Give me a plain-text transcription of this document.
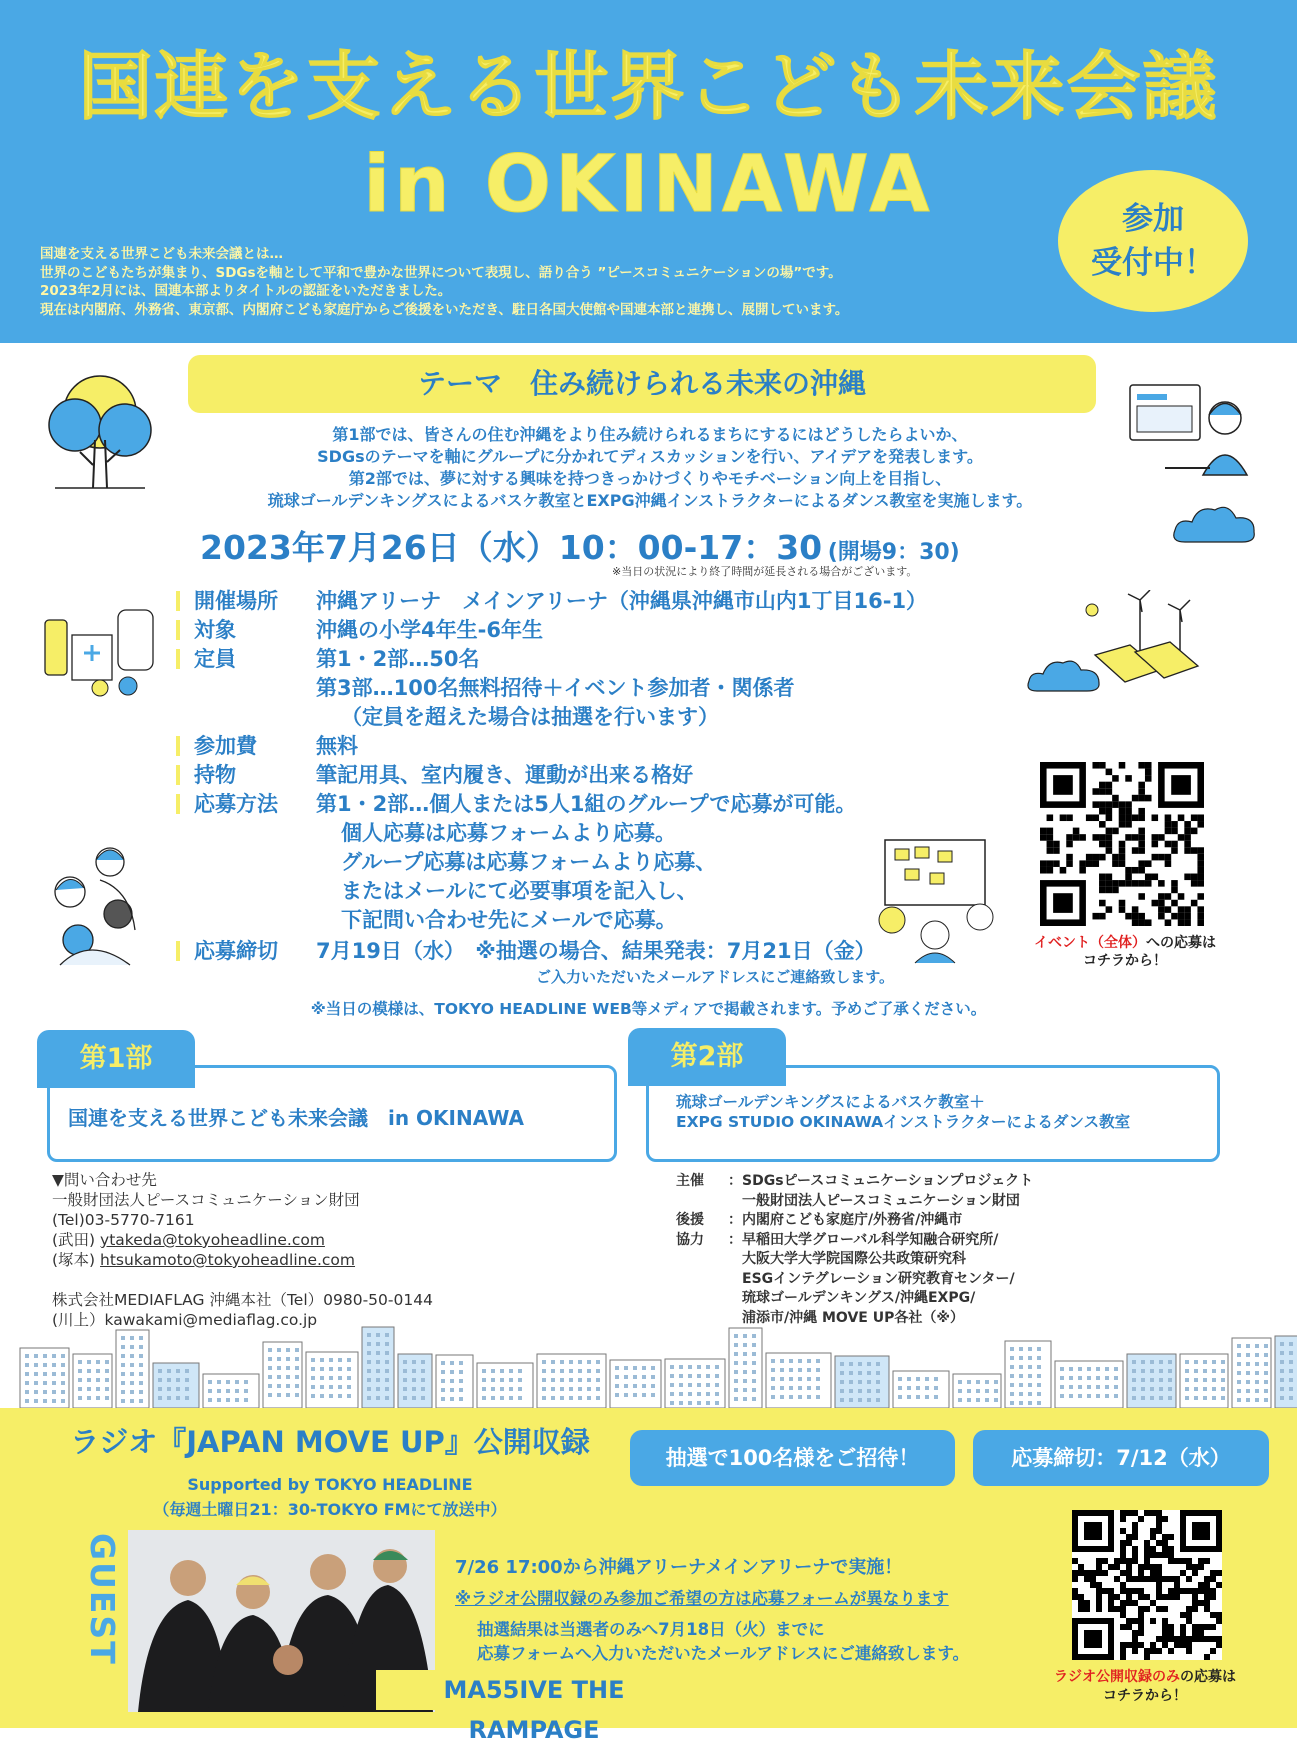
国連を支える世界こども未来会議
in OKINAWA	参加
受付中！
国連を支える世界こども未来会議とは…
世界のこどもたちが集まり、SDGsを軸として平和で豊かな世界について表現し、語り合う ”ピースコミュニケーションの場”です。
2023年2月には、国連本部よりタイトルの認証をいただきました。
現在は内閣府、外務省、東京都、内閣府こども家庭庁からご後援をいただき、駐日各国大使館や国連本部と連携し、展開しています。
テーマ　住み続けられる未来の沖縄
第1部では、皆さんの住む沖縄をより住み続けられるまちにするにはどうしたらよいか、
SDGsのテーマを軸にグループに分かれてディスカッションを行い、アイデアを発表します。
第2部では、夢に対する興味を持つきっかけづくりやモチベーション向上を目指し、
琉球ゴールデンキングスによるバスケ教室とEXPG沖縄インストラクターによるダンス教室を実施します。
2023年7月26日（水）10：00-17：30 (開場9：30)
※当日の状況により終了時間が延長される場合がございます。
開催場所 沖縄アリーナ　メインアリーナ（沖縄県沖縄市山内1丁目16-1）
対象	沖縄の小学4年生-6年生
定員	第1・2部…50名
第3部…100名無料招待＋イベント参加者・関係者
（定員を超えた場合は抽選を行います）
参加費	無料
持物	筆記用具、室内履き、運動が出来る格好
応募方法 第1・2部…個人または5人1組のグループで応募が可能。
個人応募は応募フォームより応募。
グループ応募は応募フォームより応募、
またはメールにて必要事項を記入し、
下記問い合わせ先にメールで応募。
応募締切 7月19日（水）　※抽選の場合、結果発表：7月21日（金）
ご入力いただいたメールアドレスにご連絡致します。
※当日の模様は、TOKYO HEADLINE WEB等メディアで掲載されます。予めご了承ください。
イベント（全体）への応募は
コチラから！
第1部
国連を支える世界こども未来会議　in OKINAWA
第2部
琉球ゴールデンキングスによるバスケ教室＋
EXPG STUDIO OKINAWAインストラクターによるダンス教室
▼問い合わせ先
一般財団法人ピースコミュニケーション財団
(Tel)03-5770-7161
(武田) ytakeda@tokyoheadline.com
(塚本) htsukamoto@tokyoheadline.com
株式会社MEDIAFLAG 沖縄本社（Tel）0980-50-0144
(川上）kawakami@mediaflag.co.jp
主催 ：SDGsピースコミュニケーションプロジェクト
一般財団法人ピースコミュニケーション財団
後援 ：内閣府こども家庭庁/外務省/沖縄市
協力 ：早稲田大学グローバル科学知融合研究所/
大阪大学大学院国際公共政策研究科
ESGインテグレーション研究教育センター/
琉球ゴールデンキングス/沖縄EXPG/
浦添市/沖縄 MOVE UP各社（※）
ラジオ『JAPAN MOVE UP』公開収録
Supported by TOKYO HEADLINE
（毎週土曜日21：30-TOKYO FMにて放送中）
抽選で100名様をご招待！	応募締切：7/12（水）
GUEST
MA55IVE THE RAMPAGE
7/26 17:00から沖縄アリーナメインアリーナで実施！
※ラジオ公開収録のみ参加ご希望の方は応募フォームが異なります
抽選結果は当選者のみへ7月18日（火）までに
応募フォームへ入力いただいたメールアドレスにご連絡致します。
ラジオ公開収録のみの応募は
コチラから！
